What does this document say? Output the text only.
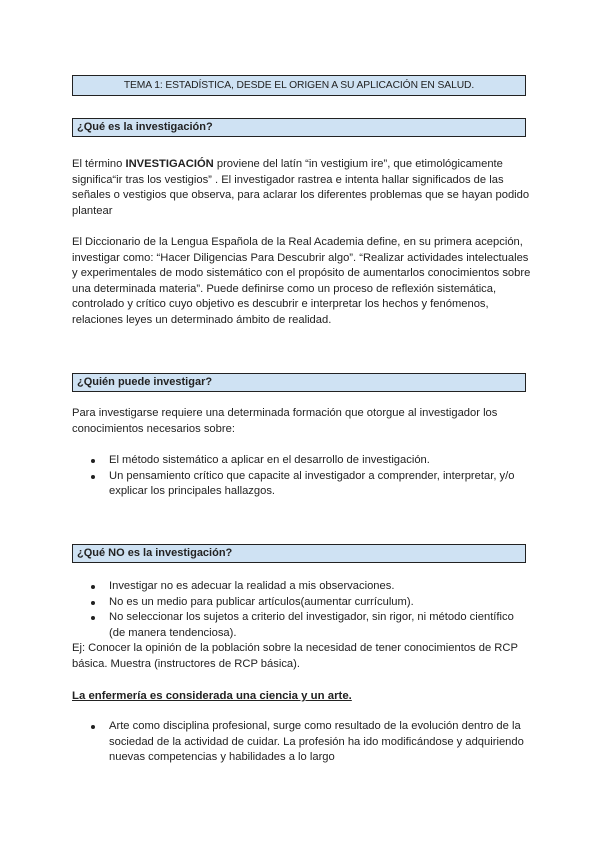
TEMA 1: ESTADÍSTICA, DESDE EL ORIGEN A SU APLICACIÓN EN SALUD.
¿Qué es la investigación?

El término INVESTIGACIÓN proviene del latín “in vestigium ire”, que etimológicamente significa“ir tras los vestigios” . El investigador rastrea e intenta hallar significados de las señales o vestigios que observa, para aclarar los diferentes problemas que se hayan podido plantear

El Diccionario de la Lengua Española de la Real Academia define, en su primera acepción, investigar como: “Hacer Diligencias Para Descubrir algo”. “Realizar actividades intelectuales y experimentales de modo sistemático con el propósito de aumentarlos conocimientos sobre una determinada materia”. Puede definirse como un proceso de reflexión sistemática, controlado y crítico cuyo objetivo es descubrir e interpretar los hechos y fenómenos, relaciones leyes un determinado ámbito de realidad.

¿Quién puede investigar?

Para investigarse requiere una determinada formación que otorgue al investigador los conocimientos necesarios sobre:

El método sistemático a aplicar en el desarrollo de investigación.
Un pensamiento crítico que capacite al investigador a comprender, interpretar, y/o explicar los principales hallazgos.
¿Qué NO es la investigación?
Investigar no es adecuar la realidad a mis observaciones.
No es un medio para publicar artículos(aumentar currículum).
No seleccionar los sujetos a criterio del investigador, sin rigor, ni método científico (de manera tendenciosa).

Ej: Conocer la opinión de la población sobre la necesidad de tener conocimientos de RCP básica. Muestra (instructores de RCP básica).

La enfermería es considerada una ciencia y un arte.
Arte como disciplina profesional, surge como resultado de la evolución dentro de la sociedad de la actividad de cuidar. La profesión ha ido modificándose y adquiriendo nuevas competencias y habilidades a lo largo
